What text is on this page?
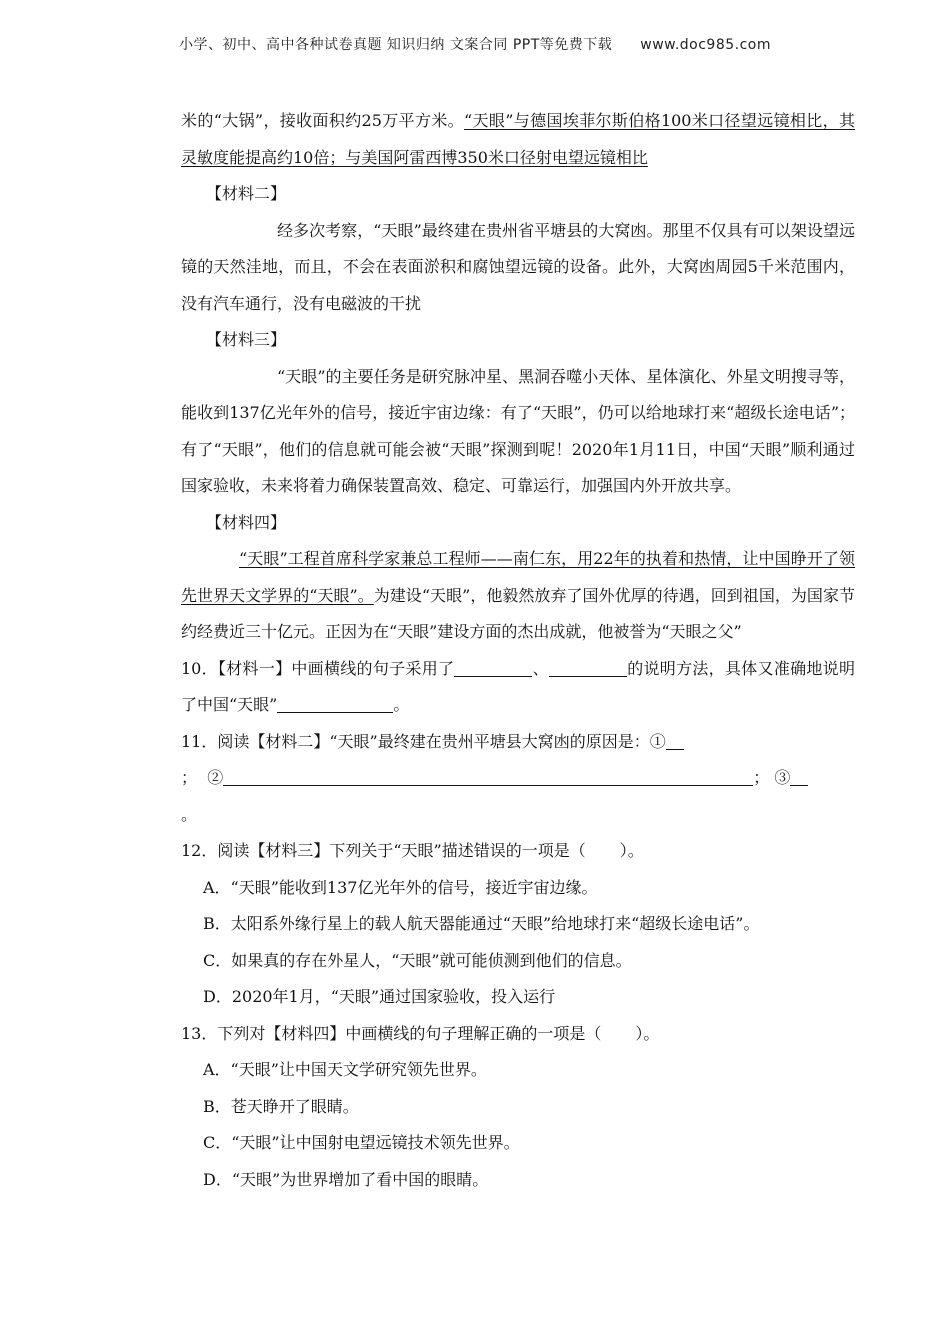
小学、初中、高中各种试卷真题 知识归纳 文案合同 PPT等免费下载 www.doc985.com

米的“大锅”，接收面积约25万平方米。“天眼”与德国埃菲尔斯伯格100米口径望远镜相比，其灵敏度能提高约10倍；与美国阿雷西博350米口径射电望远镜相比

【材料二】

经多次考察，“天眼”最终建在贵州省平塘县的大窝凼。那里不仅具有可以架设望远镜的天然洼地，而且，不会在表面淤积和腐蚀望远镜的设备。此外，大窝凼周园5千米范围内，没有汽车通行，没有电磁波的干扰

【材料三】

“天眼”的主要任务是研究脉冲星、黑洞吞噬小天体、星体演化、外星文明搜寻等，能收到137亿光年外的信号，接近宇宙边缘：有了“天眼”，仍可以给地球打来“超级长途电话”；有了“天眼”，他们的信息就可能会被“天眼”探测到呢！2020年1月11日，中国“天眼”顺利通过国家验收，未来将着力确保装置高效、稳定、可靠运行，加强国内外开放共享。

【材料四】

“天眼”工程首席科学家兼总工程师——南仁东，用22年的执着和热情，让中国睁开了领先世界天文学界的“天眼”。为建设“天眼”，他毅然放弃了国外优厚的待遇，回到祖国，为国家节约经费近三十亿元。正因为在“天眼”建设方面的杰出成就，他被誉为“天眼之父”

10．【材料一】中画横线的句子采用了	、	的说明方法，具体又准确地说明了中国“天眼”	。

11．阅读【材料二】“天眼”最终建在贵州平塘县大窝凼的原因是：①
； ②	； ③
。

12．阅读【材料三】下列关于“天眼”描述错误的一项是（ ）。

A．“天眼”能收到137亿光年外的信号，接近宇宙边缘。

B．太阳系外缘行星上的载人航天器能通过“天眼”给地球打来“超级长途电话”。

C．如果真的存在外星人，“天眼”就可能侦测到他们的信息。

D．2020年1月，“天眼”通过国家验收，投入运行

13．下列对【材料四】中画横线的句子理解正确的一项是（ ）。

A．“天眼”让中国天文学研究领先世界。

B．苍天睁开了眼睛。

C．“天眼”让中国射电望远镜技术领先世界。

D．“天眼”为世界增加了看中国的眼睛。
